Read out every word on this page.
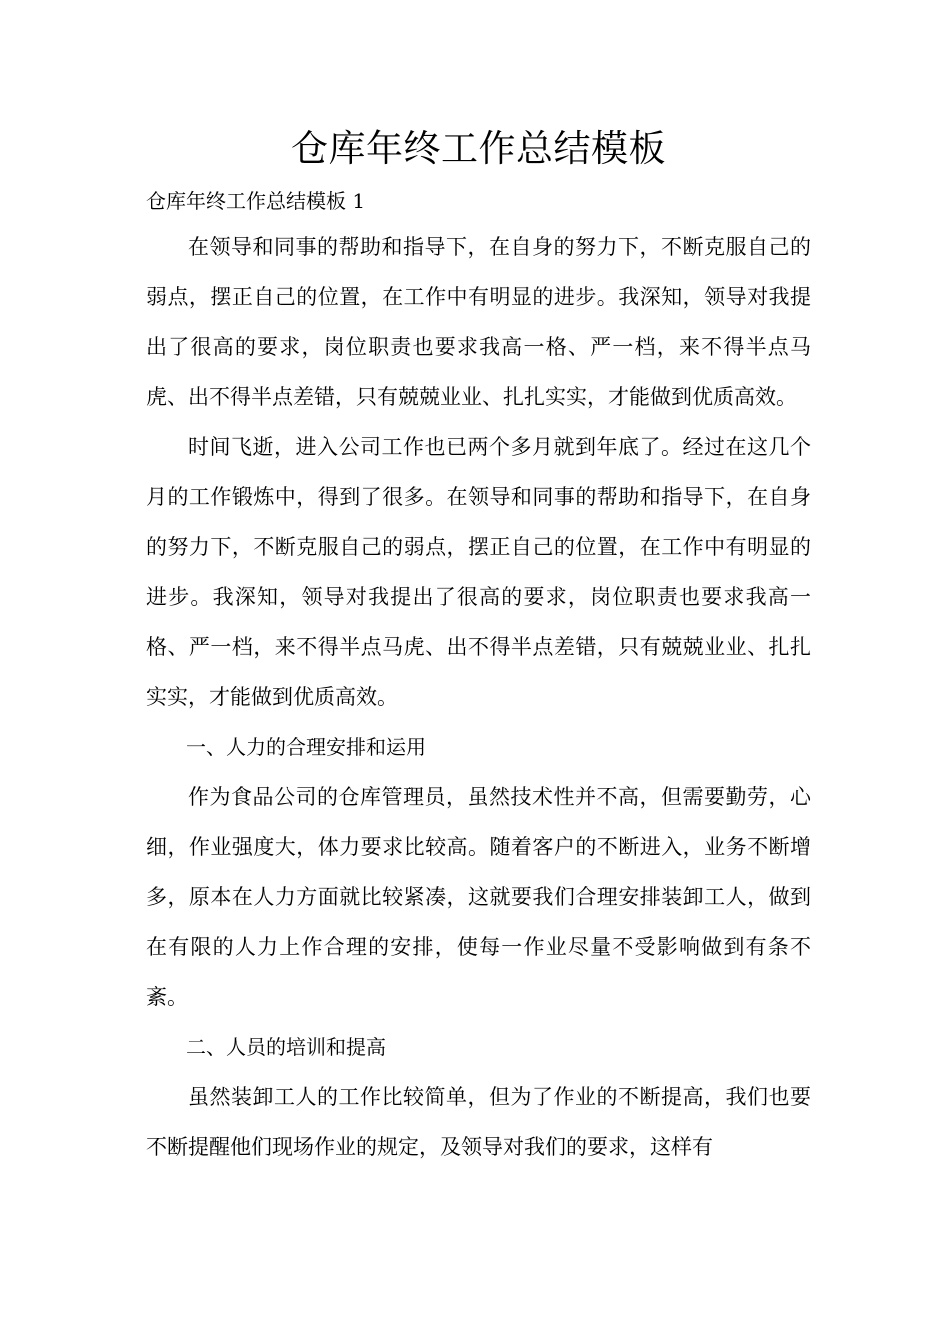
仓库年终工作总结模板

仓库年终工作总结模板 1

在领导和同事的帮助和指导下，在自身的努力下，不断克服自己的弱点，摆正自己的位置，在工作中有明显的进步。我深知，领导对我提出了很高的要求，岗位职责也要求我高一格、严一档，来不得半点马虎、出不得半点差错，只有兢兢业业、扎扎实实，才能做到优质高效。

时间飞逝，进入公司工作也已两个多月就到年底了。经过在这几个月的工作锻炼中，得到了很多。在领导和同事的帮助和指导下，在自身的努力下，不断克服自己的弱点，摆正自己的位置，在工作中有明显的进步。我深知，领导对我提出了很高的要求，岗位职责也要求我高一格、严一档，来不得半点马虎、出不得半点差错，只有兢兢业业、扎扎实实，才能做到优质高效。

一、人力的合理安排和运用

作为食品公司的仓库管理员，虽然技术性并不高，但需要勤劳，心细，作业强度大，体力要求比较高。随着客户的不断进入，业务不断增多，原本在人力方面就比较紧凑，这就要我们合理安排装卸工人，做到在有限的人力上作合理的安排，使每一作业尽量不受影响做到有条不紊。

二、人员的培训和提高

虽然装卸工人的工作比较简单，但为了作业的不断提高，我们也要不断提醒他们现场作业的规定，及领导对我们的要求，这样有
